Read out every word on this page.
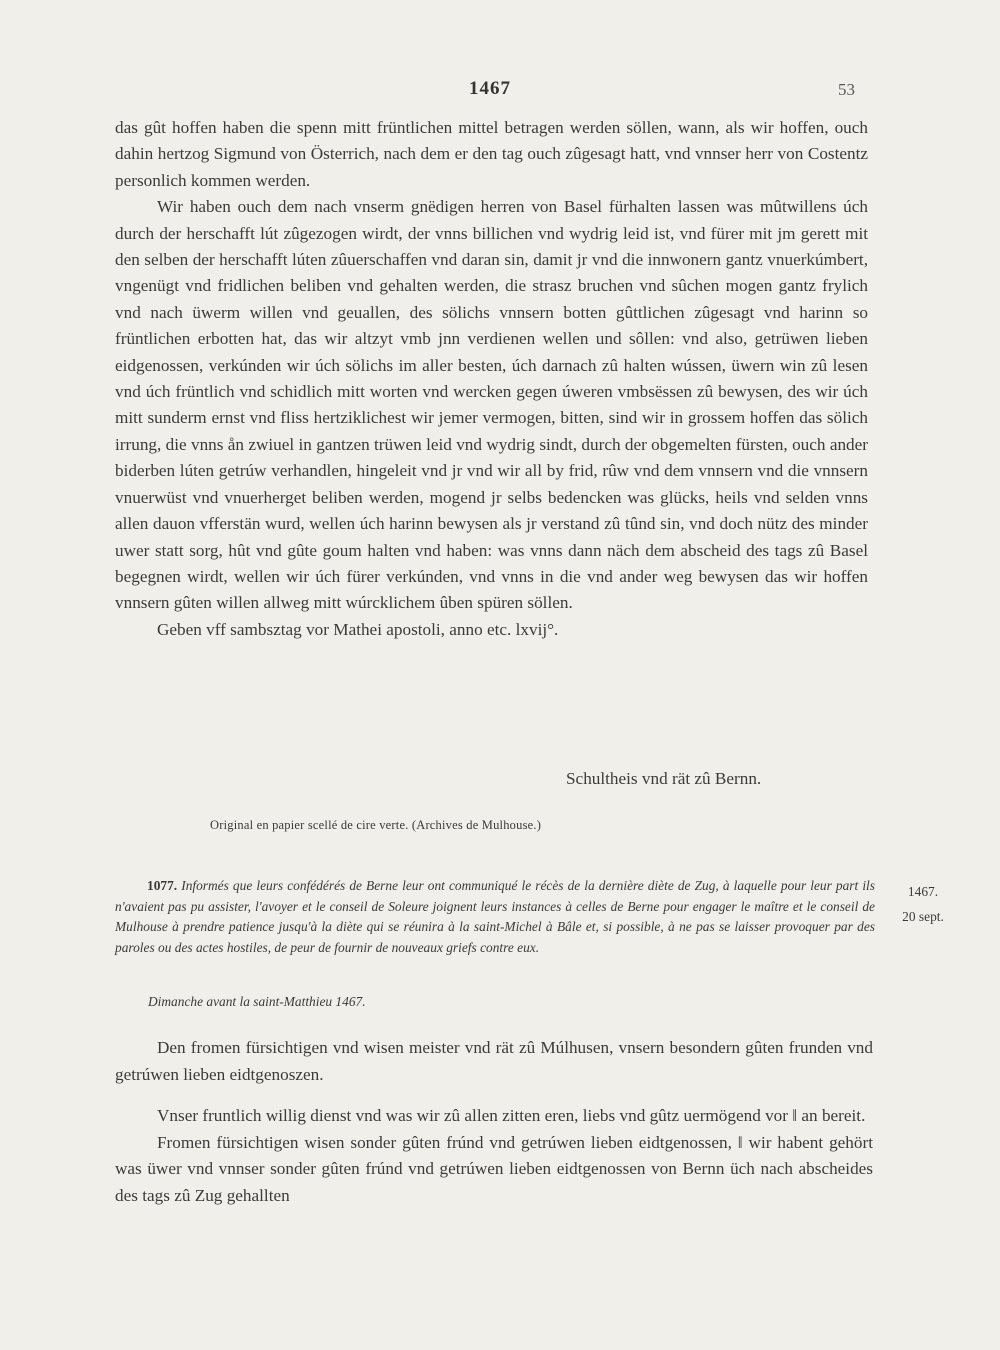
1467	53

das gût hoffen haben die spenn mitt früntlichen mittel betragen werden söllen, wann, als wir hoffen, ouch dahin hertzog Sigmund von Österrich, nach dem er den tag ouch zûgesagt hatt, vnd vnnser herr von Costentz personlich kommen werden.

Wir haben ouch dem nach vnserm gnëdigen herren von Basel fürhalten lassen was mûtwillens úch durch der herschafft lút zûgezogen wirdt, der vnns billichen vnd wydrig leid ist, vnd fürer mit jm gerett mit den selben der herschafft lúten zûuerschaffen vnd daran sin, damit jr vnd die innwonern gantz vnuerkúmbert, vngenügt vnd fridlichen beliben vnd gehalten werden, die strasz bruchen vnd sûchen mogen gantz frylich vnd nach üwerm willen vnd geuallen, des sölichs vnnsern botten gûttlichen zûgesagt vnd harinn so früntlichen erbotten hat, das wir altzyt vmb jnn verdienen wellen und sôllen: vnd also, getrüwen lieben eidgenossen, verkúnden wir úch sölichs im aller besten, úch darnach zû halten wússen, üwern win zû lesen vnd úch früntlich vnd schidlich mitt worten vnd wercken gegen úweren vmbsëssen zû bewysen, des wir úch mitt sunderm ernst vnd fliss hertziklichest wir jemer vermogen, bitten, sind wir in grossem hoffen das sölich irrung, die vnns ån zwiuel in gantzen trüwen leid vnd wydrig sindt, durch der obgemelten fürsten, ouch ander biderben lúten getrúw verhandlen, hingeleit vnd jr vnd wir all by frid, rûw vnd dem vnnsern vnd die vnnsern vnuerwüst vnd vnuerherget beliben werden, mogend jr selbs bedencken was glücks, heils vnd selden vnns allen dauon vfferstän wurd, wellen úch harinn bewysen als jr verstand zû tûnd sin, vnd doch nütz des minder uwer statt sorg, hût vnd gûte goum halten vnd haben: was vnns dann näch dem abscheid des tags zû Basel begegnen wirdt, wellen wir úch fürer verkúnden, vnd vnns in die vnd ander weg bewysen das wir hoffen vnnsern gûten willen allweg mitt wúrcklichem ûben spüren söllen.

Geben vff sambsztag vor Mathei apostoli, anno etc. lxvij°.

Schultheis vnd rät zû Bernn.
Original en papier scellé de cire verte. (Archives de Mulhouse.)
1077. Informés que leurs confédérés de Berne leur ont communiqué le récès de la dernière diète de Zug, à laquelle pour leur part ils n'avaient pas pu assister, l'avoyer et le conseil de Soleure joignent leurs instances à celles de Berne pour engager le maître et le conseil de Mulhouse à prendre patience jusqu'à la diète qui se réunira à la saint-Michel à Bâle et, si possible, à ne pas se laisser provoquer par des paroles ou des actes hostiles, de peur de fournir de nouveaux griefs contre eux.
Dimanche avant la saint-Matthieu 1467.
1467.
20 sept.

Den fromen fürsichtigen vnd wisen meister vnd rät zû Múlhusen, vnsern besondern gûten frunden vnd getrúwen lieben eidtgenoszen.

Vnser fruntlich willig dienst vnd was wir zû allen zitten eren, liebs vnd gûtz uermögend vor ‖ an bereit.

Fromen fürsichtigen wisen sonder gûten frúnd vnd getrúwen lieben eidtgenossen, ‖ wir habent gehört was üwer vnd vnnser sonder gûten frúnd vnd getrúwen lieben eidtgenossen von Bernn üch nach abscheides des tags zû Zug gehallten
